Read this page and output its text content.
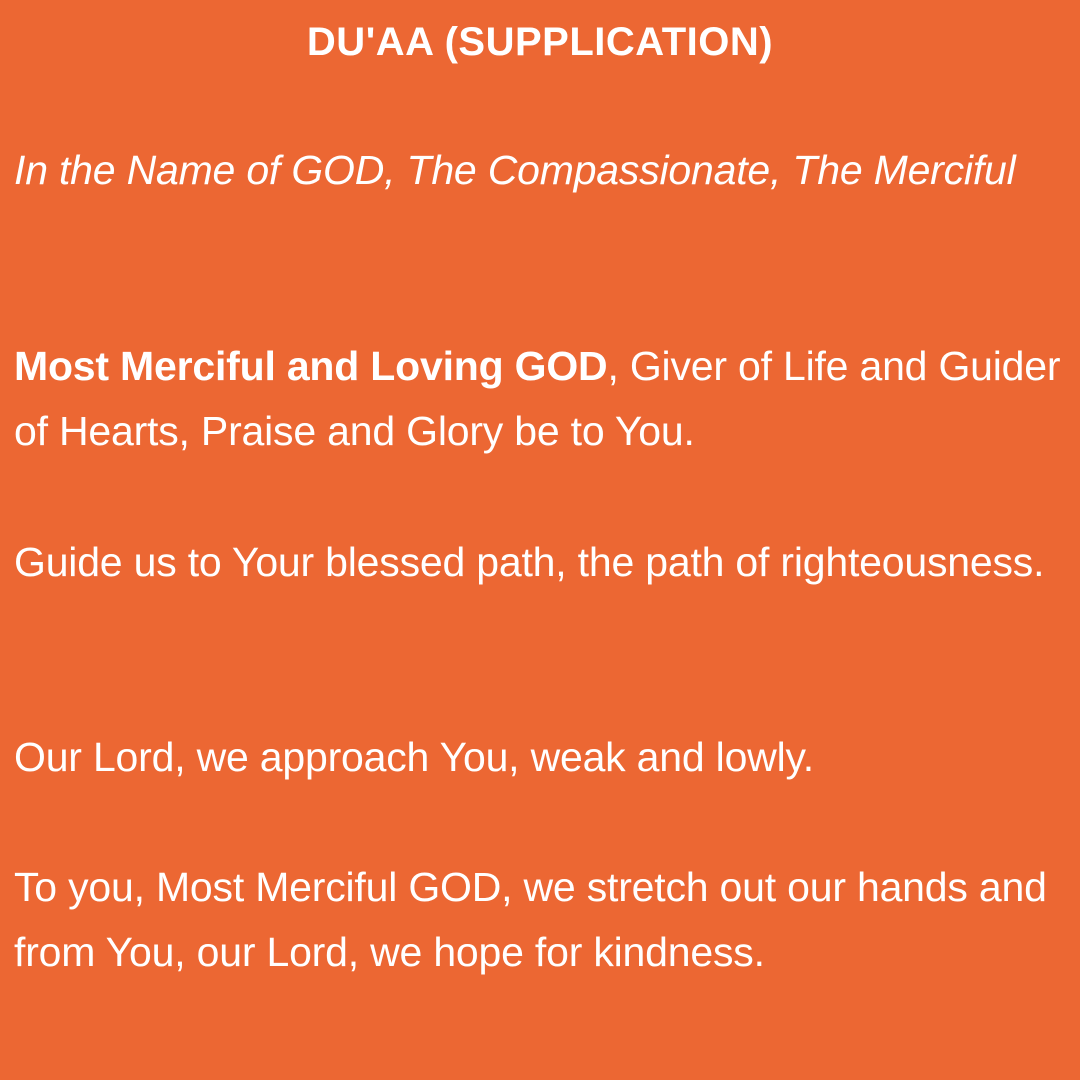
DU'AA (SUPPLICATION)

In the Name of GOD, The Compassionate, The Merciful

Most Merciful and Loving GOD, Giver of Life and Guider of Hearts, Praise and Glory be to You.

Guide us to Your blessed path, the path of righteousness.

Our Lord, we approach You, weak and lowly.

To you, Most Merciful GOD, we stretch out our hands and from You, our Lord, we hope for kindness.
